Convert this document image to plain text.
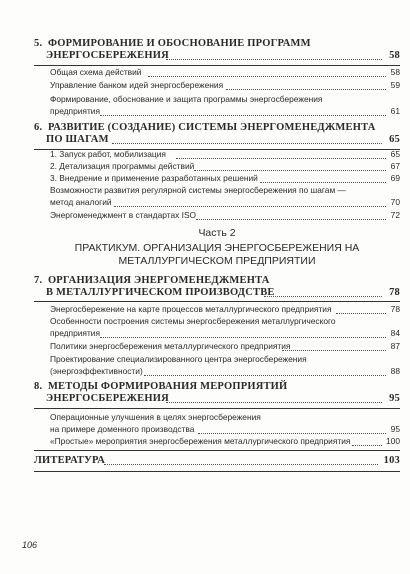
5. ФОРМИРОВАНИЕ И ОБОСНОВАНИЕ ПРОГРАММ
ЭНЕРГОСБЕРЕЖЕНИЯ	58
Общая схема действий	58
Управление банком идей энергосбережения	59
Формирование, обоснование и защита программы энергосбережения
предприятия	61
6. РАЗВИТИЕ (СОЗДАНИЕ) СИСТЕМЫ ЭНЕРГОМЕНЕДЖМЕНТА
ПО ШАГАМ	65
1. Запуск работ, мобилизация	65
2. Детализация программы действий	67
3. Внедрение и применение разработанных решений	69
Возможности развития регулярной системы энергосбережения по шагам —
метод аналогий	70
Энергоменеджмент в стандартах ISO	72
Часть 2
ПРАКТИКУМ. ОРГАНИЗАЦИЯ ЭНЕРГОСБЕРЕЖЕНИЯ НА
МЕТАЛЛУРГИЧЕСКОМ ПРЕДПРИЯТИИ
7. ОРГАНИЗАЦИЯ ЭНЕРГОМЕНЕДЖМЕНТА
В МЕТАЛЛУРГИЧЕСКОМ ПРОИЗВОДСТВЕ	78
Энергосбережение на карте процессов металлургического предприятия	78
Особенности построения системы энергосбережения металлургического
предприятия	84
Политики энергосбережения металлургического предприятия	87
Проектирование специализированного центра энергосбережения
(энергоэффективности)	88
8. МЕТОДЫ ФОРМИРОВАНИЯ МЕРОПРИЯТИЙ
ЭНЕРГОСБЕРЕЖЕНИЯ	95
Операционные улучшения в целях энергосбережения
на примере доменного производства	95
«Простые» мероприятия энергосбережения металлургического предприятия	100
ЛИТЕРАТУРА	103
106
